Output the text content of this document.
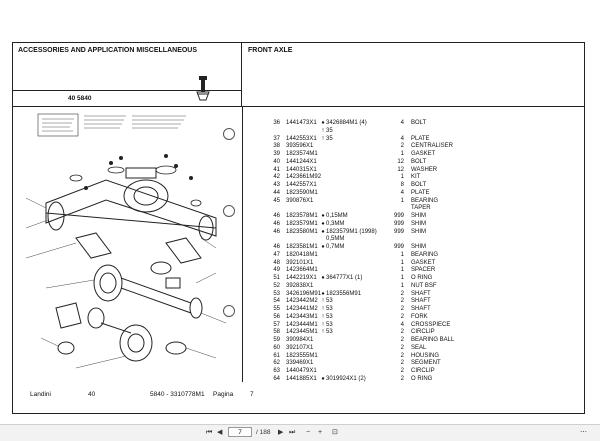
ACCESSORIES AND APPLICATION MISCELLANEOUS	FRONT AXLE
40 5840
36 1441473X1 ● 3426884M1 (4)	4 BOLT
! 35
37 1442553X1	! 35	4 PLATE
38 393596X1	2 CENTRALISER
39 1823574M1	1 GASKET
40 1441244X1	12 BOLT
41 1440315X1	12 WASHER
42 1423661M92	1 KIT
43 1442557X1	8 BOLT
44 1823590M1	4 PLATE
45 390876X1	1 BEARING
TAPER
46 1823578M1 ● 0,15MM	999 SHIM
46 1823579M1 ● 0,3MM	999 SHIM
46 1823580M1 ● 1823579M1 (1998)	999 SHIM
0,5MM
46 1823581M1 ● 0,7MM	999 SHIM
47 1820418M1	1 BEARING
48 392101X1	1 GASKET
49 1423664M1	1 SPACER
51 1442219X1 ● 364777X1 (1)	1 O RING
52 392838X1	1 NUT BSF
53 3426196M91 ● 1823556M91	2 SHAFT
54 1423442M2 ! 53	2 SHAFT
55 1423441M2 ! 53	2 SHAFT
56 1423443M1 ! 53	2 FORK
57 1423444M1 ! 53	4 CROSSPIECE
58 1423445M1 ! 53	2 CIRCLIP
59 390984X1	2 BEARING BALL
60 392107X1	2 SEAL
61 1823555M1	2 HOUSING
62 339469X1	2 SEGMENT
63 1440479X1	2 CIRCLIP
64 1441885X1 ● 3019924X1 (2)	2 O RING
Landini	40	5840 - 3310778M1 Pagina	7
⏮ ◀	7	/ 188 ▶ ⏭ − + ⊡	⋯
